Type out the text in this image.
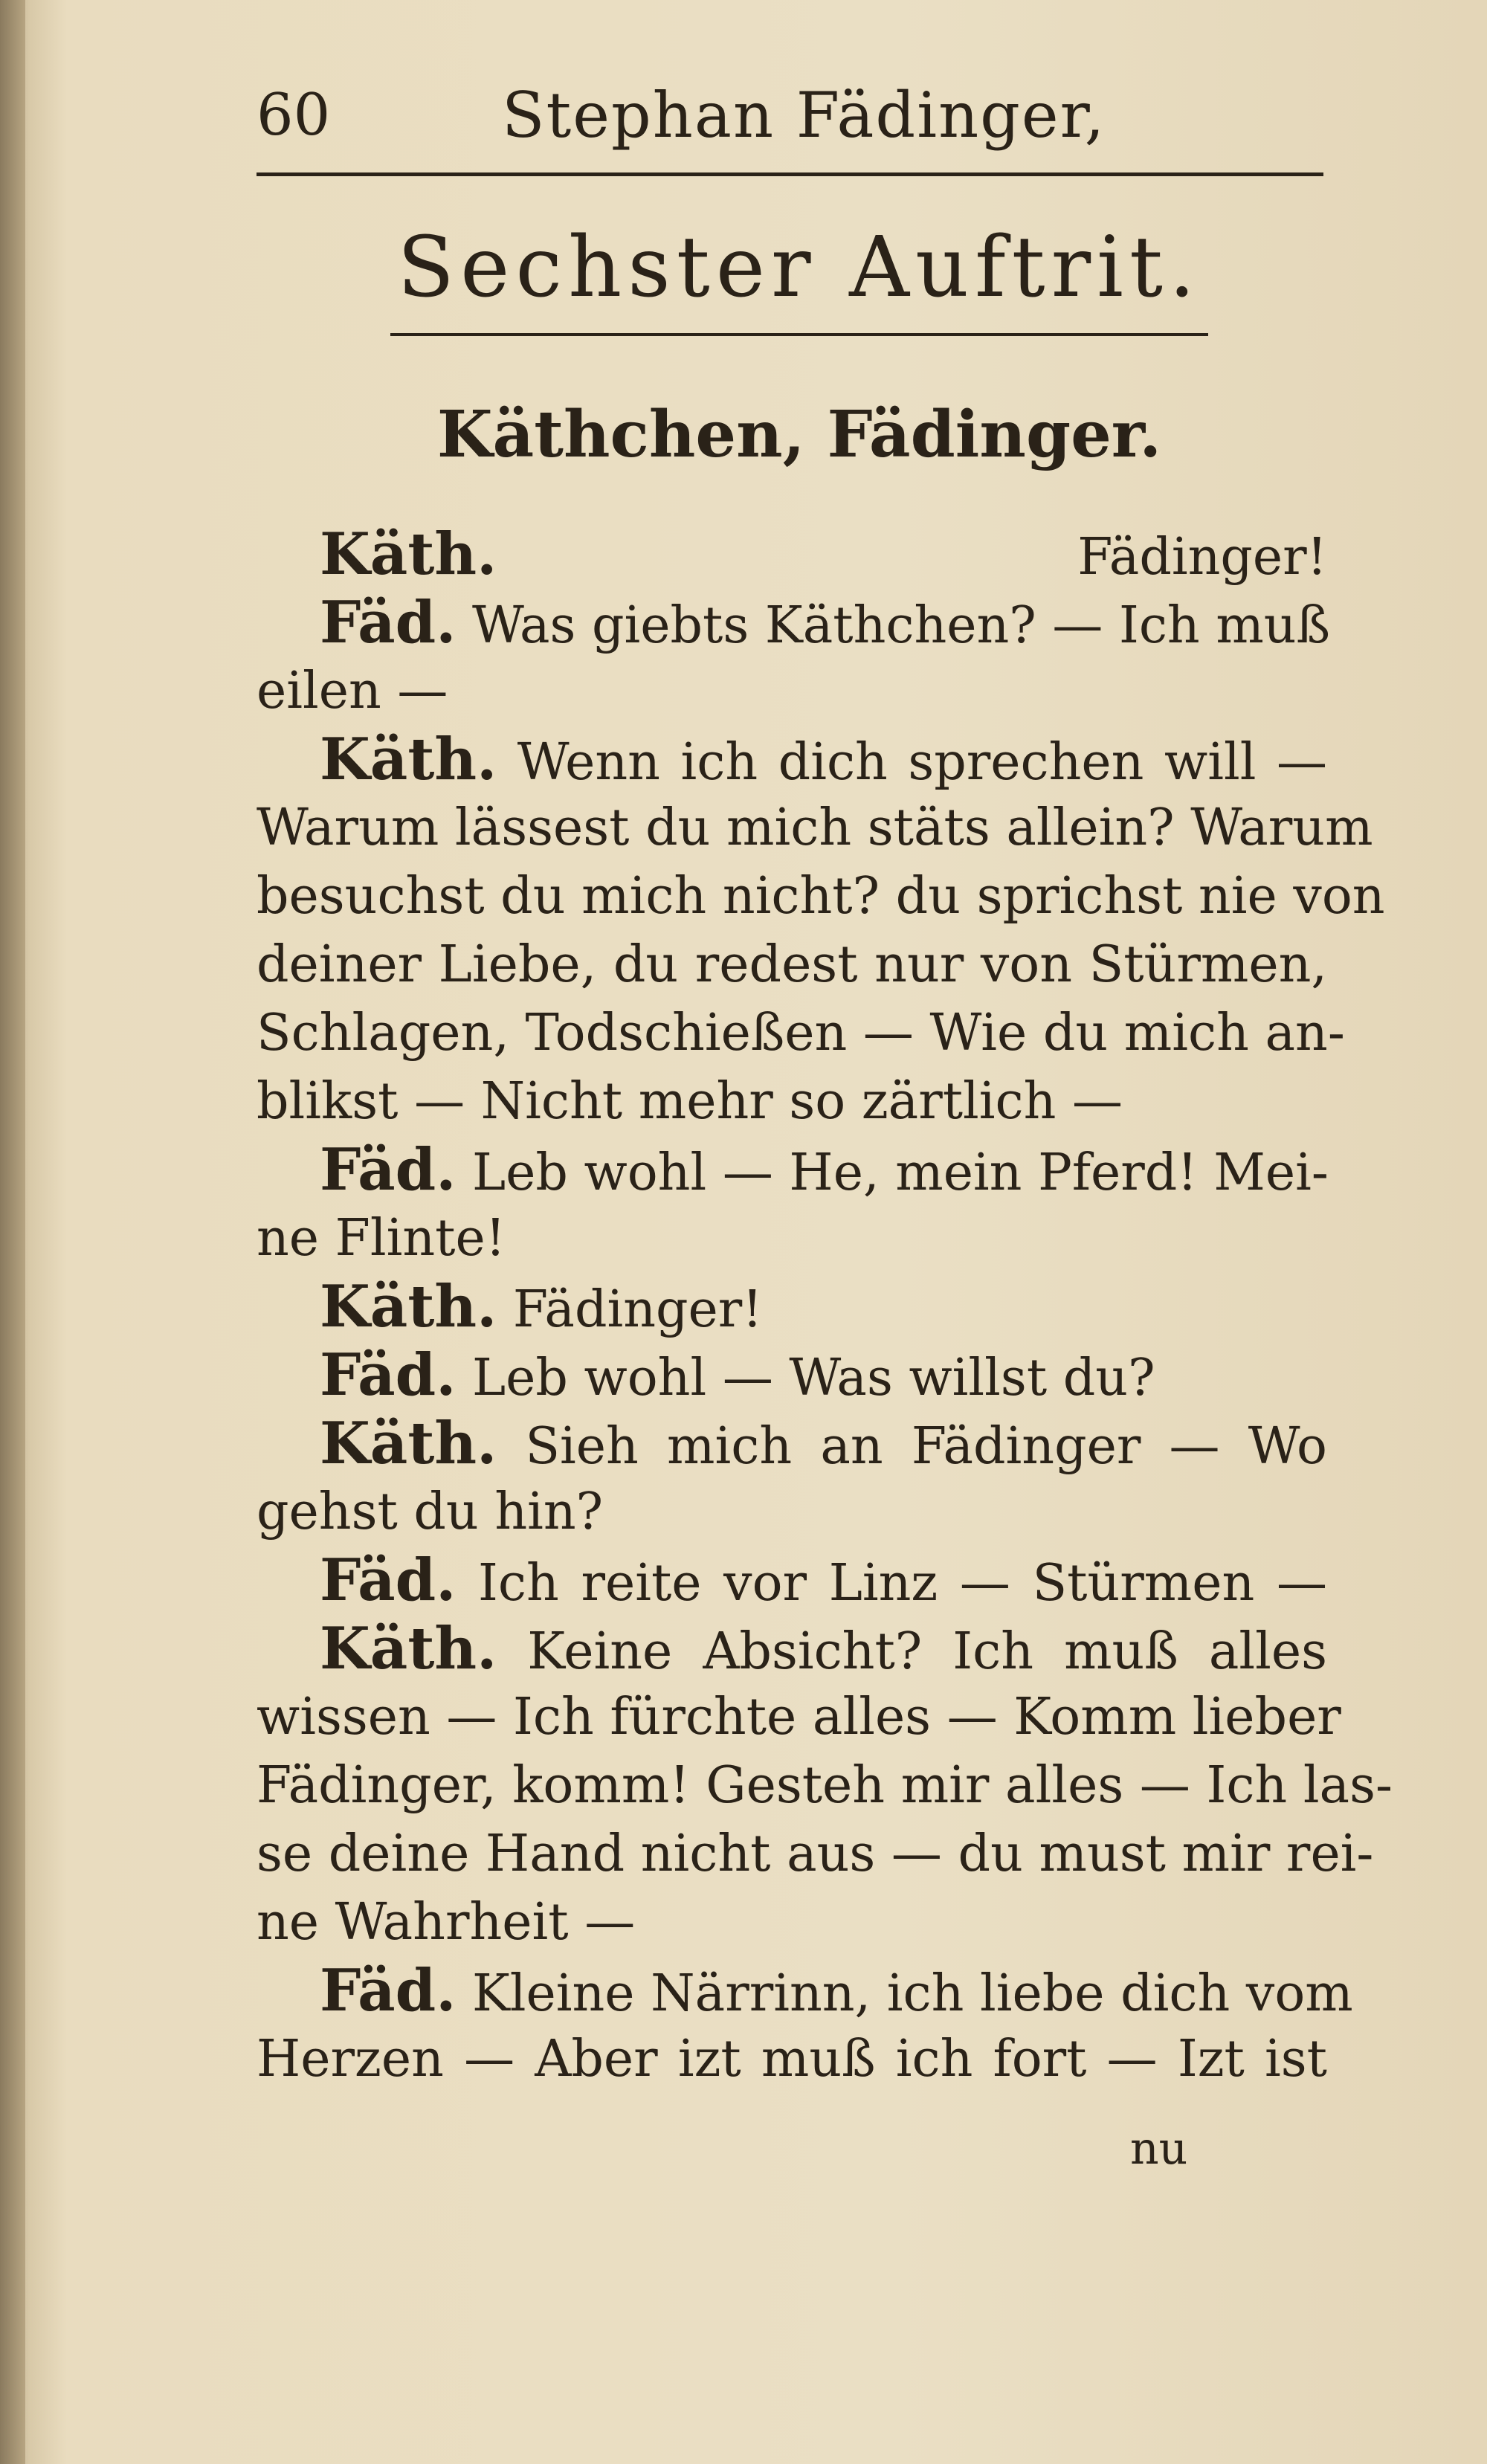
60	Stephan Fädinger,
Sechster Auftrit.
Käthchen, Fädinger.
Käth. Fädinger!
Fäd. Was giebts Käthchen? — Ich muß
eilen —
Käth. Wenn ich dich sprechen will —
Warum lässest du mich stäts allein? Warum
besuchst du mich nicht? du sprichst nie von
deiner Liebe, du redest nur von Stürmen,
Schlagen, Todschießen — Wie du mich an-
blikst — Nicht mehr so zärtlich —
Fäd. Leb wohl — He, mein Pferd! Mei-
ne Flinte!
Käth. Fädinger!
Fäd. Leb wohl — Was willst du?
Käth. Sieh mich an Fädinger — Wo
gehst du hin?
Fäd. Ich reite vor Linz — Stürmen —
Käth. Keine Absicht? Ich muß alles
wissen — Ich fürchte alles — Komm lieber
Fädinger, komm! Gesteh mir alles — Ich las-
se deine Hand nicht aus — du must mir rei-
ne Wahrheit —
Fäd. Kleine Närrinn, ich liebe dich vom
Herzen — Aber izt muß ich fort — Izt ist
nu
